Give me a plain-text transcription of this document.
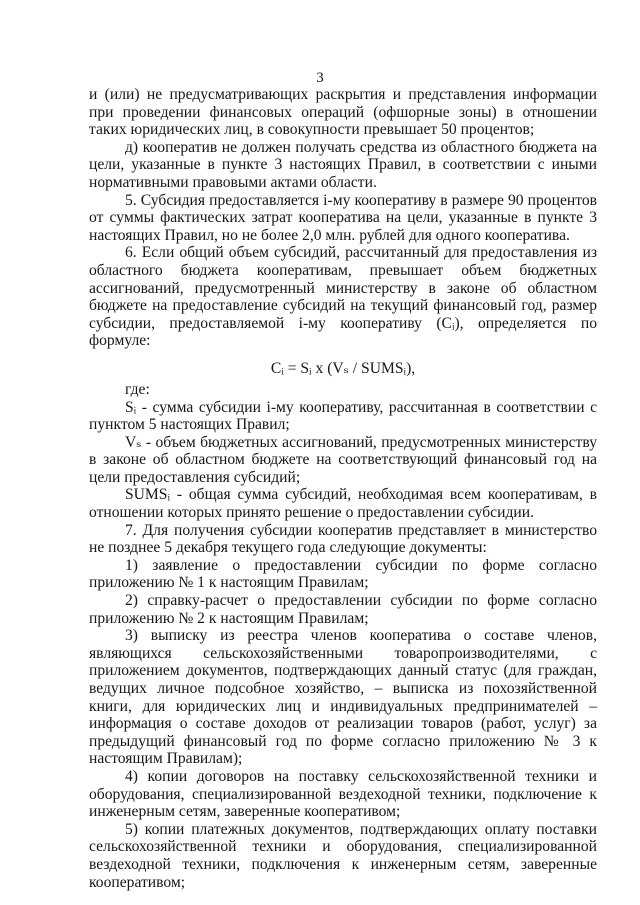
3

и (или) не предусматривающих раскрытия и представления информации при проведении финансовых операций (офшорные зоны) в отношении таких юридических лиц, в совокупности превышает 50 процентов;

д) кооператив не должен получать средства из областного бюджета на цели, указанные в пункте 3 настоящих Правил, в соответствии с иными нормативными правовыми актами области.

5. Субсидия предоставляется i-му кооперативу в размере 90 процентов от суммы фактических затрат кооператива на цели, указанные в пункте 3 настоящих Правил, но не более 2,0 млн. рублей для одного кооператива.

6. Если общий объем субсидий, рассчитанный для предоставления из областного бюджета кооперативам, превышает объем бюджетных ассигнований, предусмотренный министерству в законе об областном бюджете на предоставление субсидий на текущий финансовый год, размер субсидии, предоставляемой i-му кооперативу (Cᵢ), определяется по формуле:

Cᵢ = Sᵢ x (Vₛ / SUMSᵢ),

где:

Sᵢ - сумма субсидии i-му кооперативу, рассчитанная в соответствии с пунктом 5 настоящих Правил;

Vₛ - объем бюджетных ассигнований, предусмотренных министерству в законе об областном бюджете на соответствующий финансовый год на цели предоставления субсидий;

SUMSᵢ - общая сумма субсидий, необходимая всем кооперативам, в отношении которых принято решение о предоставлении субсидии.

7. Для получения субсидии кооператив представляет в министерство не позднее 5 декабря текущего года следующие документы:

1) заявление о предоставлении субсидии по форме согласно приложению № 1 к настоящим Правилам;

2) справку-расчет о предоставлении субсидии по форме согласно приложению № 2 к настоящим Правилам;

3) выписку из реестра членов кооператива о составе членов, являющихся сельскохозяйственными товаропроизводителями, с приложением документов, подтверждающих данный статус (для граждан, ведущих личное подсобное хозяйство, – выписка из похозяйственной книги, для юридических лиц и индивидуальных предпринимателей – информация о составе доходов от реализации товаров (работ, услуг) за предыдущий финансовый год по форме согласно приложению № 3 к настоящим Правилам);

4) копии договоров на поставку сельскохозяйственной техники и оборудования, специализированной вездеходной техники, подключение к инженерным сетям, заверенные кооперативом;

5) копии платежных документов, подтверждающих оплату поставки сельскохозяйственной техники и оборудования, специализированной вездеходной техники, подключения к инженерным сетям, заверенные кооперативом;
